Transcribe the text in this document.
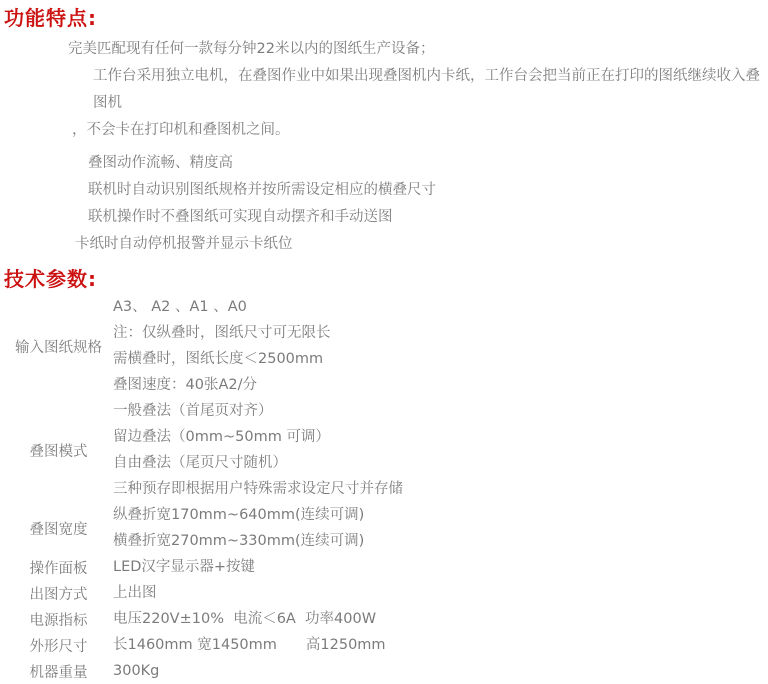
功能特点:
完美匹配现有任何一款每分钟22米以内的图纸生产设备；
工作台采用独立电机，在叠图作业中如果出现叠图机内卡纸，工作台会把当前正在打印的图纸继续收入叠图机
，不会卡在打印机和叠图机之间。
叠图动作流畅、精度高
联机时自动识别图纸规格并按所需设定相应的横叠尺寸
联机操作时不叠图纸可实现自动摆齐和手动送图
卡纸时自动停机报警并显示卡纸位
技术参数:
输入图纸规格	A3、 A2 、A1 、A0
注：仅纵叠时，图纸尺寸可无限长
需横叠时，图纸长度＜2500mm
叠图速度：40张A2/分

叠图模式	一般叠法（首尾页对齐）
留边叠法（0mm~50mm 可调）
自由叠法（尾页尺寸随机）
三种预存即根据用户特殊需求设定尺寸并存储

叠图宽度	纵叠折宽170mm~640mm(连续可调)
横叠折宽270mm~330mm(连续可调)

操作面板	LED汉字显示器+按键

出图方式	上出图

电源指标	电压220V±10%  电流＜6A  功率400W

外形尺寸	长1460mm 宽1450mm　　高1250mm

机器重量	300Kg
